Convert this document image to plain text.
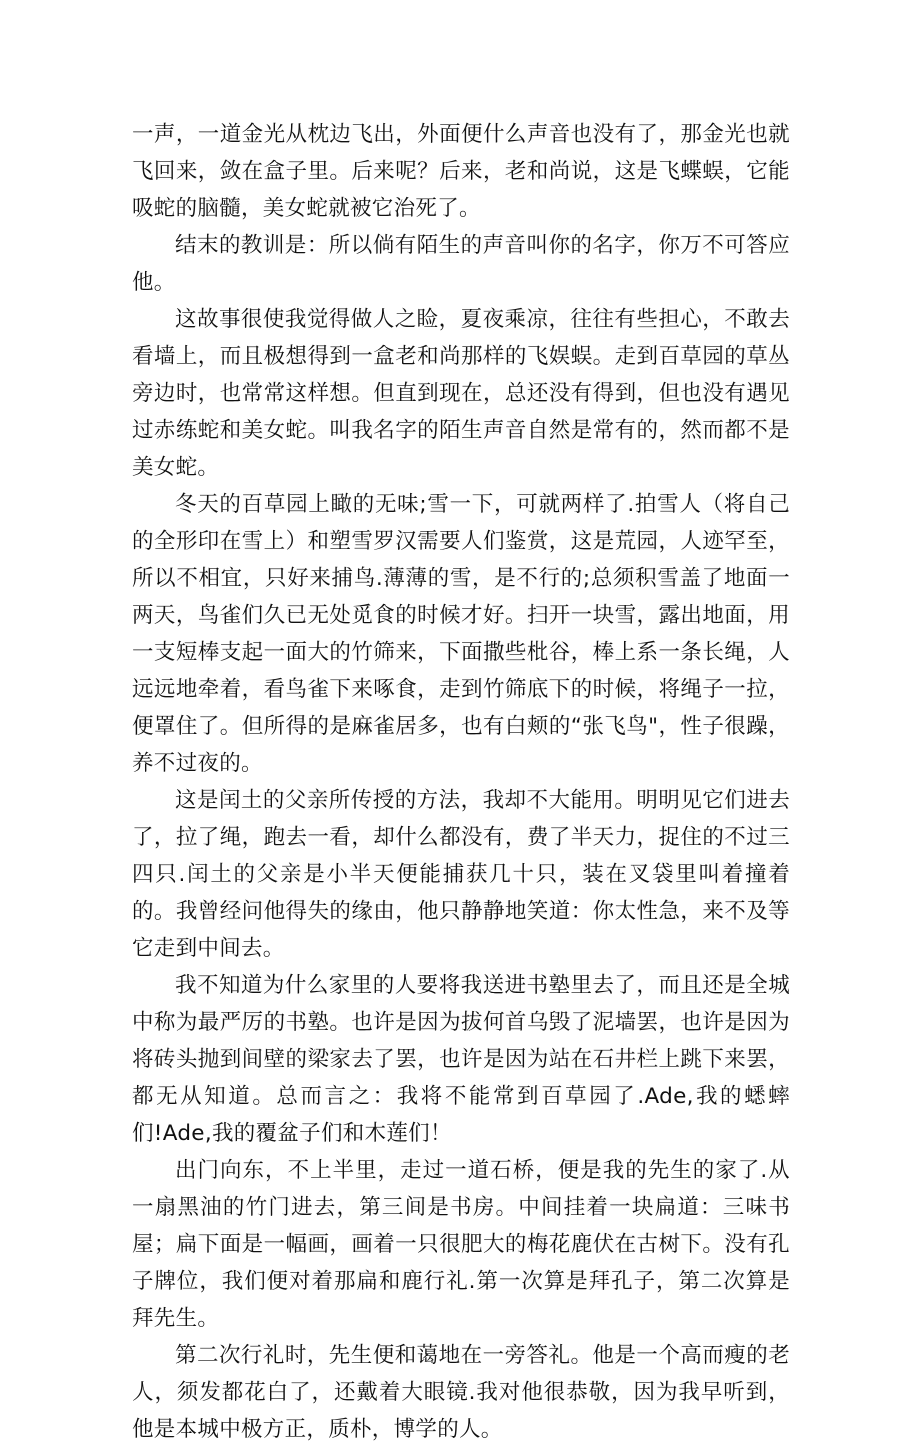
一声，一道金光从枕边飞出，外面便什么声音也没有了，那金光也就飞回来，敛在盒子里。后来呢？后来，老和尚说，这是飞蝶蜈，它能吸蛇的脑髓，美女蛇就被它治死了。

结末的教训是：所以倘有陌生的声音叫你的名字，你万不可答应他。

这故事很使我觉得做人之睑，夏夜乘凉，往往有些担心，不敢去看墙上，而且极想得到一盒老和尚那样的飞娱蜈。走到百草园的草丛旁边时，也常常这样想。但直到现在，总还没有得到，但也没有遇见过赤练蛇和美女蛇。叫我名字的陌生声音自然是常有的，然而都不是美女蛇。

冬天的百草园上瞰的无味;雪一下，可就两样了.拍雪人（将自己的全形印在雪上）和塑雪罗汉需要人们鉴赏，这是荒园，人迹罕至，所以不相宜，只好来捕鸟.薄薄的雪，是不行的;总须积雪盖了地面一两天，鸟雀们久已无处觅食的时候才好。扫开一块雪，露出地面，用一支短棒支起一面大的竹筛来，下面撒些枇谷，棒上系一条长绳，人远远地牵着，看鸟雀下来啄食，走到竹筛底下的时候，将绳子一拉，便罩住了。但所得的是麻雀居多，也有白颊的“张飞鸟"，性子很躁，养不过夜的。

这是闰土的父亲所传授的方法，我却不大能用。明明见它们进去了，拉了绳，跑去一看，却什么都没有，费了半天力，捉住的不过三四只.闰土的父亲是小半天便能捕获几十只，装在叉袋里叫着撞着的。我曾经问他得失的缘由，他只静静地笑道：你太性急，来不及等它走到中间去。

我不知道为什么家里的人要将我送进书塾里去了，而且还是全城中称为最严厉的书塾。也许是因为拔何首乌毁了泥墙罢，也许是因为将砖头抛到间壁的梁家去了罢，也许是因为站在石井栏上跳下来罢，都无从知道。总而言之：我将不能常到百草园了.Ade,我的蟋蟀们!Ade,我的覆盆子们和木莲们！

出门向东，不上半里，走过一道石桥，便是我的先生的家了.从一扇黑油的竹门进去，第三间是书房。中间挂着一块扁道：三味书屋；扁下面是一幅画，画着一只很肥大的梅花鹿伏在古树下。没有孔子牌位，我们便对着那扁和鹿行礼.第一次算是拜孔子，第二次算是拜先生。

第二次行礼时，先生便和蔼地在一旁答礼。他是一个高而瘦的老人，须发都花白了，还戴着大眼镜.我对他很恭敬，因为我早听到，他是本城中极方正，质朴，博学的人。
